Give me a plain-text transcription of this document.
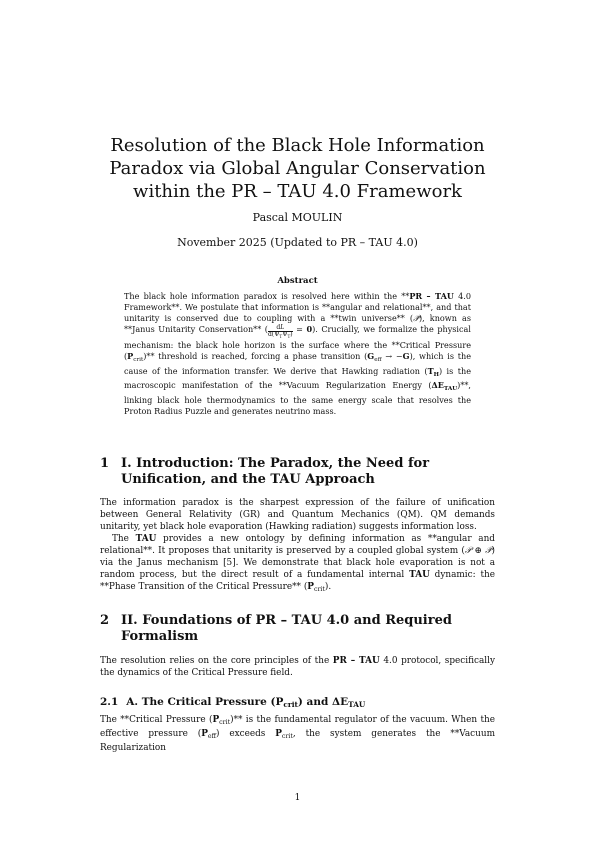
Resolution of the Black Hole Information
Paradox via Global Angular Conservation
within the PR – TAU 4.0 Framework
Pascal MOULIN
November 2025 (Updated to PR – TAU 4.0)
Abstract
The black hole information paradox is resolved here within the **PR – TAU 4.0 Framework**. We postulate that information is **angular and relational**, and that unitarity is conserved due to coupling with a **twin universe** (𝒫̄), known as **Janus Unitarity Conservation** ( $\frac{dL}{d(\Psi_T\Psī_T)} = 0$). Crucially, we formalize the physical mechanism: the black hole horizon is the surface where the **Critical Pressure $(P_{crit})**$ threshold is reached, forcing a phase transition $(G_{eff} \to -G)$, which is the cause of the information transfer. We derive that Hawking radiation $(T_H)$ is the macroscopic manifestation of the **Vacuum Regularization Energy $(\Delta E_{TAU})**$, linking black hole thermodynamics to the same energy scale that resolves the Proton Radius Puzzle and generates neutrino mass.
1 I. Introduction: The Paradox, the Need for Unification, and the TAU Approach
The information paradox is the sharpest expression of the failure of unification between General Relativity (GR) and Quantum Mechanics (QM). QM demands unitarity, yet black hole evaporation (Hawking radiation) suggests information loss.
The TAU provides a new ontology by defining information as **angular and relational**. It proposes that unitarity is preserved by a coupled global system (𝒫 ⊕ 𝒫̄) via the Janus mechanism [5]. We demonstrate that black hole evaporation is not a random process, but the direct result of a fundamental internal TAU dynamic: the **Phase Transition of the Critical Pressure** $(P_{crit})$.
2 II. Foundations of PR – TAU 4.0 and Required Formalism
The resolution relies on the core principles of the PR – TAU 4.0 protocol, specifically the dynamics of the Critical Pressure field.
2.1 A. The Critical Pressure $(P_{crit})$ and $\Delta E_{TAU}$
The **Critical Pressure $(P_{crit})**$ is the fundamental regulator of the vacuum. When the effective pressure $(P_{eff})$ exceeds $P_{crit}$, the system generates the **Vacuum Regularization
1
